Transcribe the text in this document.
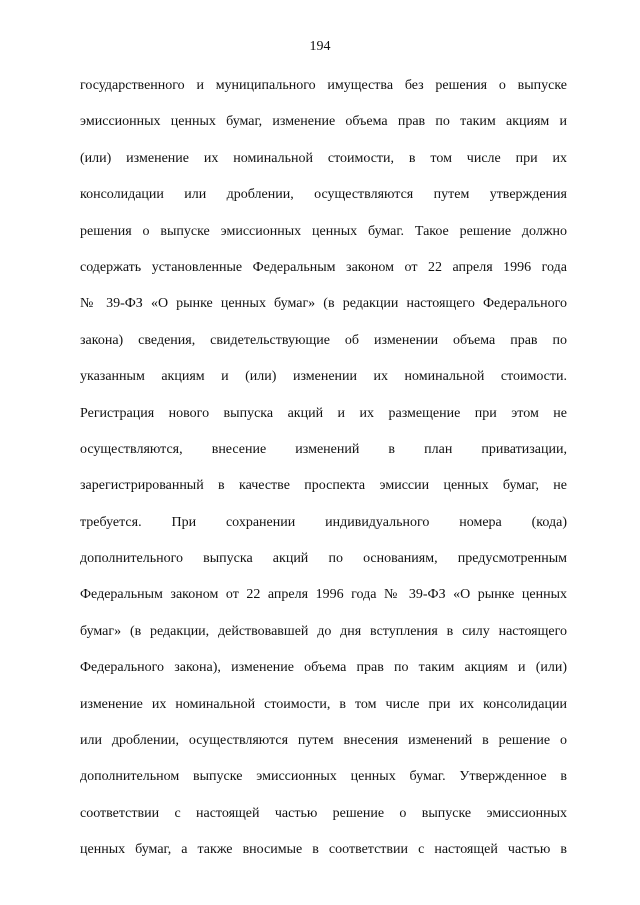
194
государственного и муниципального имущества без решения о выпуске
эмиссионных ценных бумаг, изменение объема прав по таким акциям и
(или) изменение их номинальной стоимости, в том числе при их
консолидации или дроблении, осуществляются путем утверждения
решения о выпуске эмиссионных ценных бумаг. Такое решение должно
содержать установленные Федеральным законом от 22 апреля 1996 года
№ 39-ФЗ «О рынке ценных бумаг» (в редакции настоящего Федерального
закона) сведения, свидетельствующие об изменении объема прав по
указанным акциям и (или) изменении их номинальной стоимости.
Регистрация нового выпуска акций и их размещение при этом не
осуществляются, внесение изменений в план приватизации,
зарегистрированный в качестве проспекта эмиссии ценных бумаг, не
требуется. При сохранении индивидуального номера (кода)
дополнительного выпуска акций по основаниям, предусмотренным
Федеральным законом от 22 апреля 1996 года № 39-ФЗ «О рынке ценных
бумаг» (в редакции, действовавшей до дня вступления в силу настоящего
Федерального закона), изменение объема прав по таким акциям и (или)
изменение их номинальной стоимости, в том числе при их консолидации
или дроблении, осуществляются путем внесения изменений в решение о
дополнительном выпуске эмиссионных ценных бумаг. Утвержденное в
соответствии с настоящей частью решение о выпуске эмиссионных
ценных бумаг, а также вносимые в соответствии с настоящей частью в
